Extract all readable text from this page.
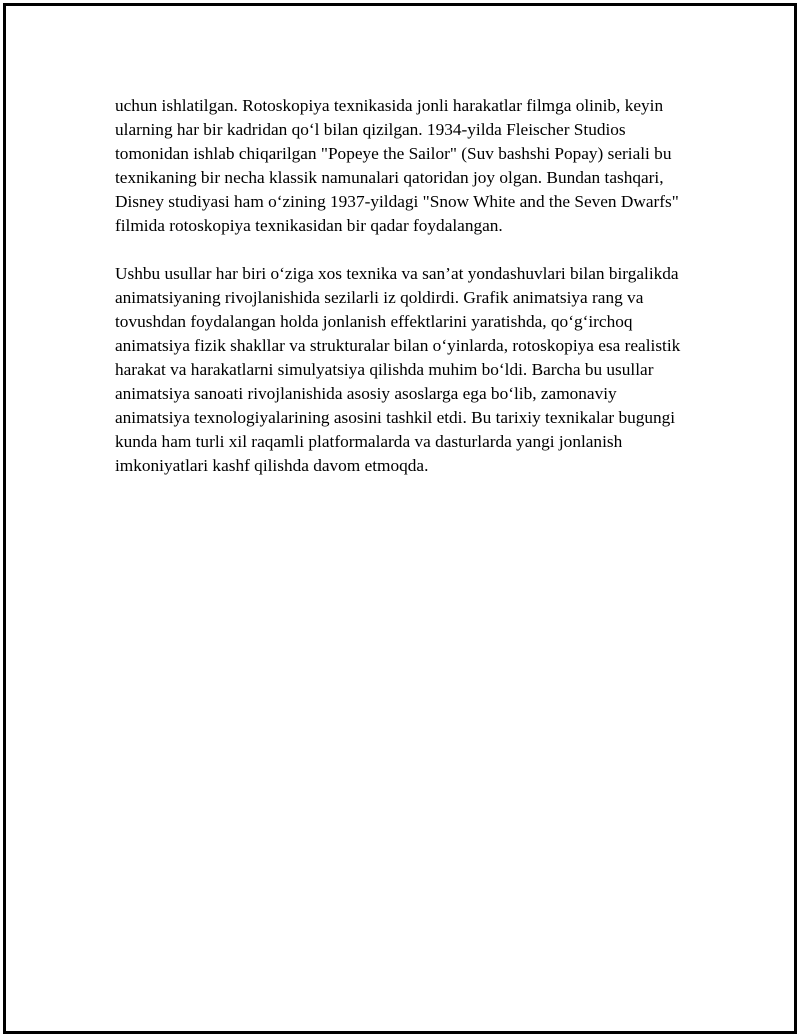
uchun ishlatilgan. Rotoskopiya texnikasida jonli harakatlar filmga olinib, keyin ularning har bir kadridan qo‘l bilan qizilgan. 1934-yilda Fleischer Studios tomonidan ishlab chiqarilgan "Popeye the Sailor" (Suv bashshi Popay) seriali bu texnikaning bir necha klassik namunalari qatoridan joy olgan. Bundan tashqari, Disney studiyasi ham o‘zining 1937-yildagi "Snow White and the Seven Dwarfs" filmida rotoskopiya texnikasidan bir qadar foydalangan.

Ushbu usullar har biri o‘ziga xos texnika va san’at yondashuvlari bilan birgalikda animatsiyaning rivojlanishida sezilarli iz qoldirdi. Grafik animatsiya rang va tovushdan foydalangan holda jonlanish effektlarini yaratishda, qo‘g‘irchoq animatsiya fizik shakllar va strukturalar bilan o‘yinlarda, rotoskopiya esa realistik harakat va harakatlarni simulyatsiya qilishda muhim bo‘ldi. Barcha bu usullar animatsiya sanoati rivojlanishida asosiy asoslarga ega bo‘lib, zamonaviy animatsiya texnologiyalarining asosini tashkil etdi. Bu tarixiy texnikalar bugungi kunda ham turli xil raqamli platformalarda va dasturlarda yangi jonlanish imkoniyatlari kashf qilishda davom etmoqda.
